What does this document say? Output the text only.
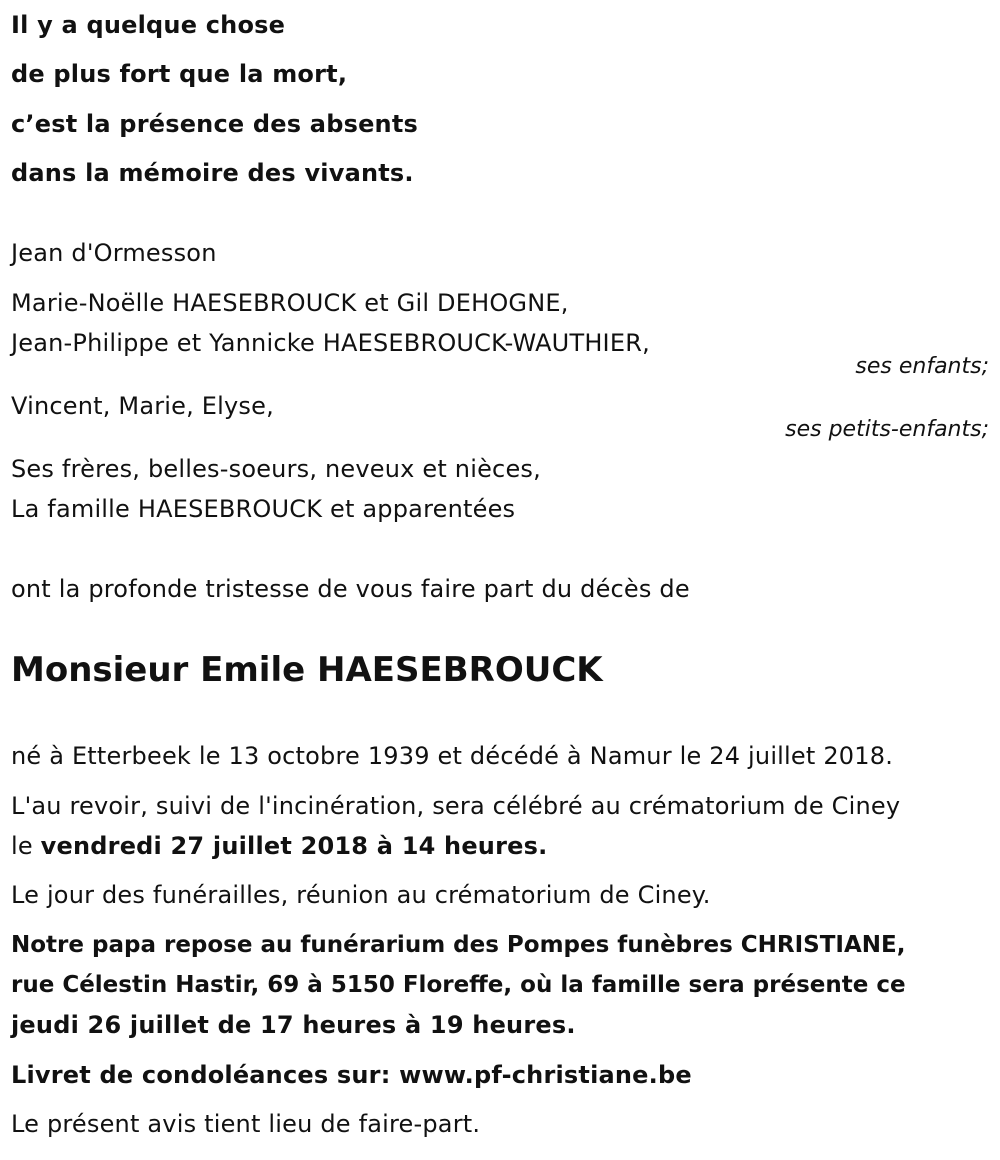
Il y a quelque chose
de plus fort que la mort,
c’est la présence des absents
dans la mémoire des vivants.
Jean d'Ormesson
Marie-Noëlle HAESEBROUCK et Gil DEHOGNE,
Jean-Philippe et Yannicke HAESEBROUCK-WAUTHIER,
ses enfants;
Vincent, Marie, Elyse,
ses petits-enfants;
Ses frères, belles-soeurs, neveux et nièces,
La famille HAESEBROUCK et apparentées
ont la profonde tristesse de vous faire part du décès de
Monsieur Emile HAESEBROUCK
né à Etterbeek le 13 octobre 1939 et décédé à Namur le 24 juillet 2018.
L'au revoir, suivi de l'incinération, sera célébré au crématorium de Ciney
le vendredi 27 juillet 2018 à 14 heures.
Le jour des funérailles, réunion au crématorium de Ciney.
Notre papa repose au funérarium des Pompes funèbres CHRISTIANE,
rue Célestin Hastir, 69 à 5150 Floreffe, où la famille sera présente ce
jeudi 26 juillet de 17 heures à 19 heures.
Livret de condoléances sur: www.pf-christiane.be
Le présent avis tient lieu de faire-part.
